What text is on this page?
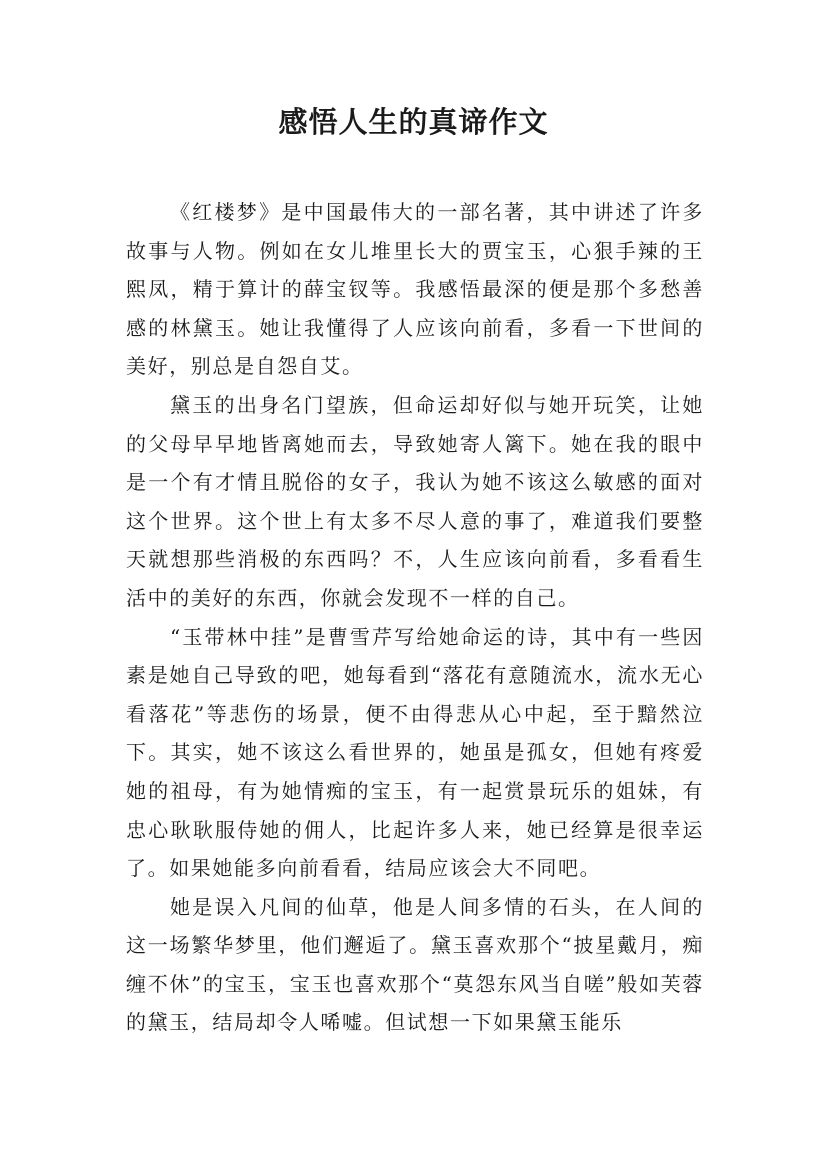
感悟人生的真谛作文

《红楼梦》是中国最伟大的一部名著，其中讲述了许多故事与人物。例如在女儿堆里长大的贾宝玉，心狠手辣的王熙凤，精于算计的薛宝钗等。我感悟最深的便是那个多愁善感的林黛玉。她让我懂得了人应该向前看，多看一下世间的美好，别总是自怨自艾。

黛玉的出身名门望族，但命运却好似与她开玩笑，让她的父母早早地皆离她而去，导致她寄人篱下。她在我的眼中是一个有才情且脱俗的女子，我认为她不该这么敏感的面对这个世界。这个世上有太多不尽人意的事了，难道我们要整天就想那些消极的东西吗？不，人生应该向前看，多看看生活中的美好的东西，你就会发现不一样的自己。

“玉带林中挂”是曹雪芹写给她命运的诗，其中有一些因素是她自己导致的吧，她每看到“落花有意随流水，流水无心看落花”等悲伤的场景，便不由得悲从心中起，至于黯然泣下。其实，她不该这么看世界的，她虽是孤女，但她有疼爱她的祖母，有为她情痴的宝玉，有一起赏景玩乐的姐妹，有忠心耿耿服侍她的佣人，比起许多人来，她已经算是很幸运了。如果她能多向前看看，结局应该会大不同吧。

她是误入凡间的仙草，他是人间多情的石头，在人间的这一场繁华梦里，他们邂逅了。黛玉喜欢那个“披星戴月，痴缠不休”的宝玉，宝玉也喜欢那个“莫怨东风当自嗟”般如芙蓉的黛玉，结局却令人唏嘘。但试想一下如果黛玉能乐
